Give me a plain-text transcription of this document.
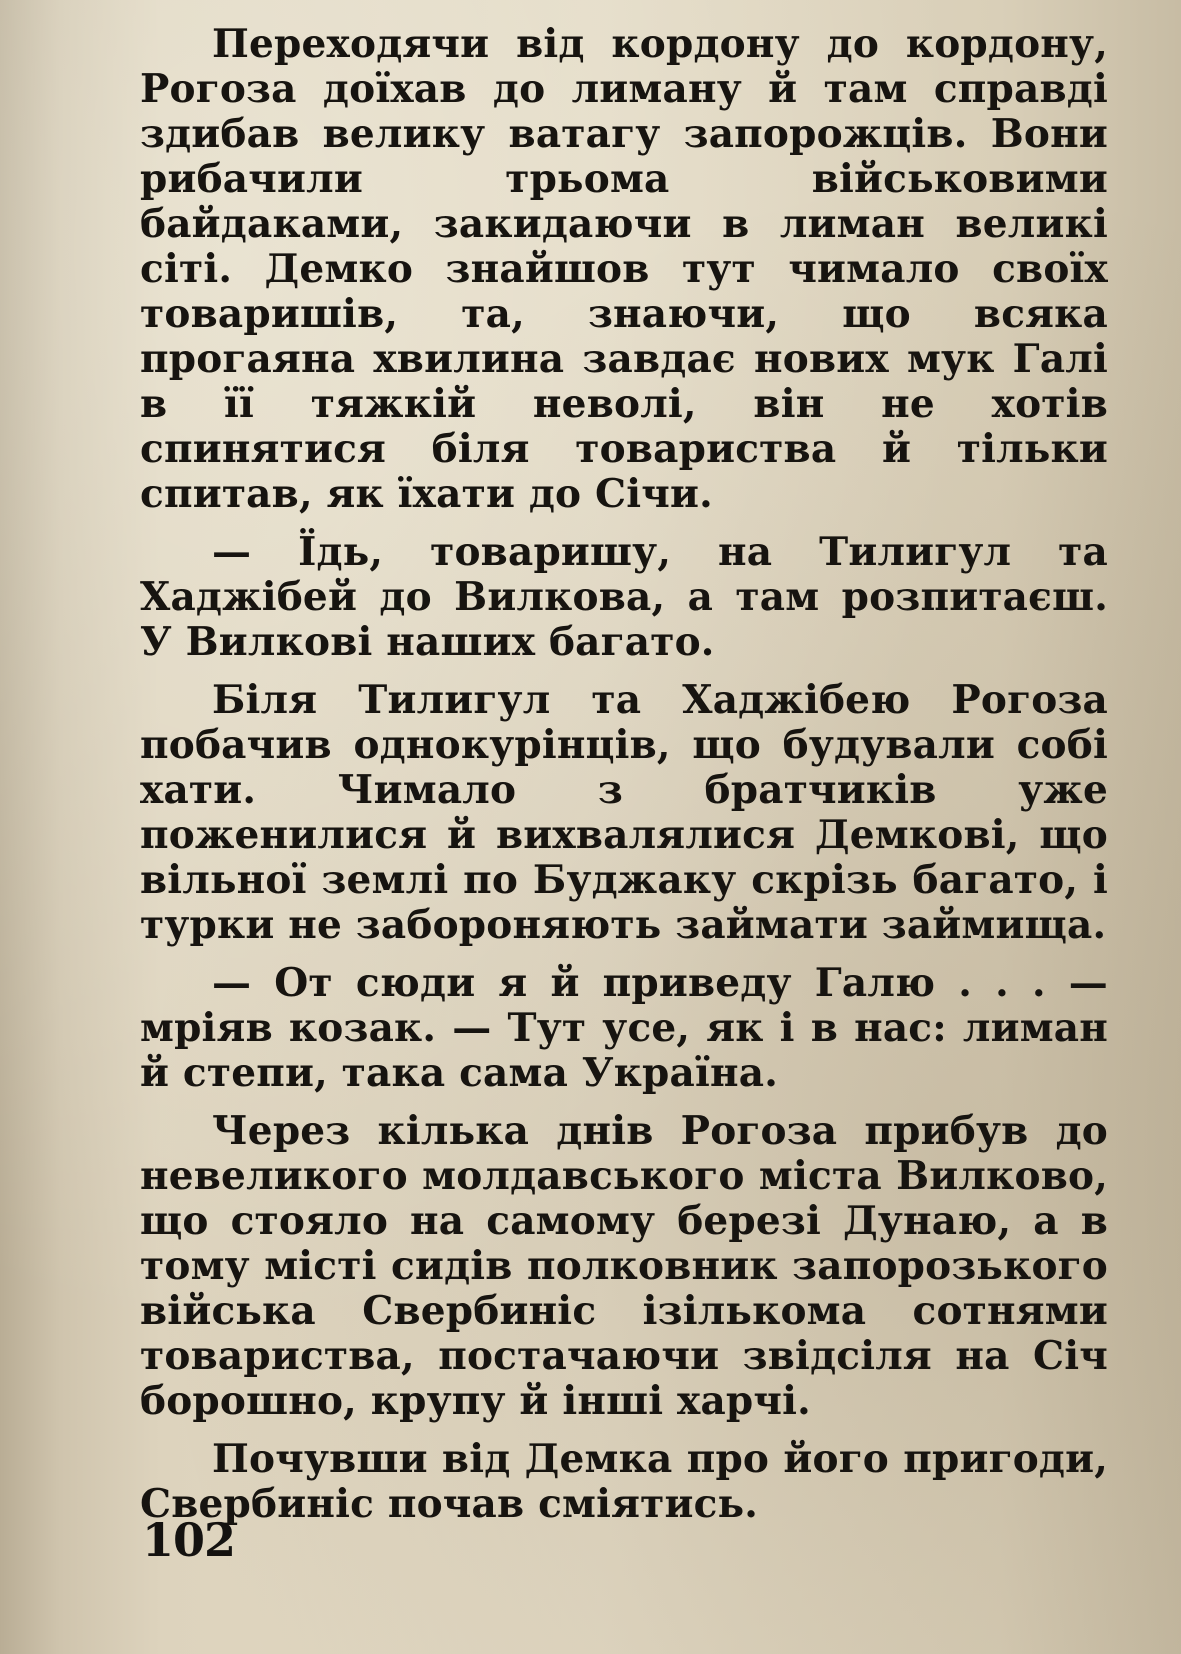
Переходячи від кордону до кордону, Рогоза доїхав до лиману й там справді здибав велику ватагу запорожців. Вони рибачили трьома військовими байдаками, закидаючи в лиман великі сіті. Демко знайшов тут чимало своїх товаришів, та, знаючи, що всяка прогаяна хвилина завдає нових мук Галі в її тяжкій неволі, він не хотів спинятися біля товариства й тільки спитав, як їхати до Січи.

— Їдь, товаришу, на Тилигул та Хаджібей до Вилкова, а там розпитаєш. У Вилкові наших багато.

Біля Тилигул та Хаджібею Рогоза побачив однокурінців, що будували собі хати. Чимало з братчиків уже поженилися й вихвалялися Демкові, що вільної землі по Буджаку скрізь багато, і турки не забороняють займати займища.

— От сюди я й приведу Галю . . . — мріяв козак. — Тут усе, як і в нас: лиман й степи, така сама Україна.

Через кілька днів Рогоза прибув до невеликого молдавського міста Вилково, що стояло на самому березі Дунаю, а в тому місті сидів полковник запорозького війська Свербиніс ізількома сотнями товариства, постачаючи звідсіля на Січ борошно, крупу й інші харчі.

Почувши від Демка про його пригоди, Свербиніс почав сміятись.

102
